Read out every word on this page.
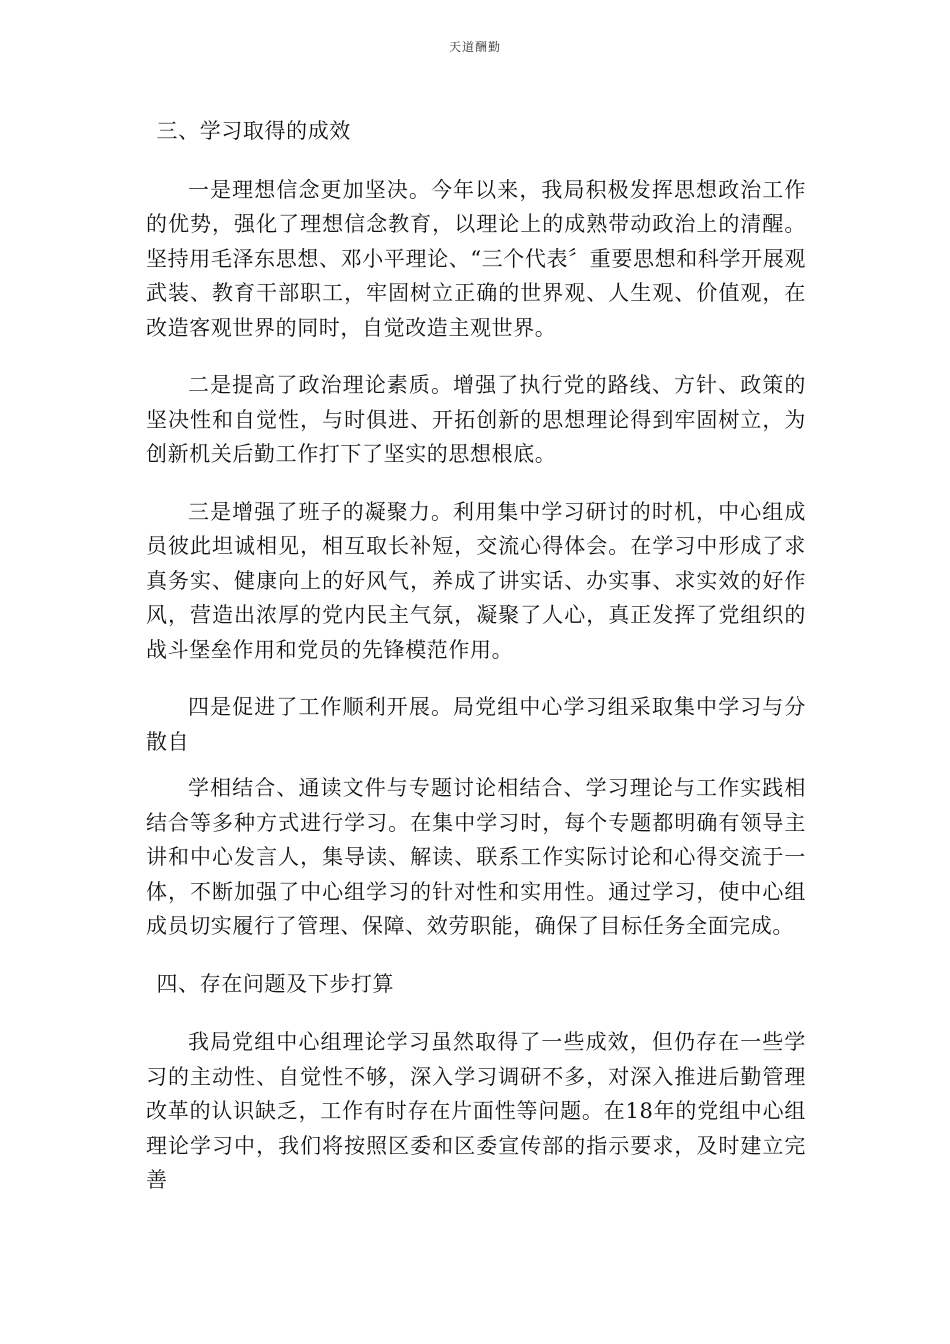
天道酬勤
三、学习取得的成效

一是理想信念更加坚决。今年以来，我局积极发挥思想政治工作的优势，强化了理想信念教育，以理论上的成熟带动政治上的清醒。坚持用毛泽东思想、邓小平理论、“三个代表〞重要思想和科学开展观武装、教育干部职工，牢固树立正确的世界观、人生观、价值观，在改造客观世界的同时，自觉改造主观世界。

二是提高了政治理论素质。增强了执行党的路线、方针、政策的坚决性和自觉性，与时俱进、开拓创新的思想理论得到牢固树立，为创新机关后勤工作打下了坚实的思想根底。

三是增强了班子的凝聚力。利用集中学习研讨的时机，中心组成员彼此坦诚相见，相互取长补短，交流心得体会。在学习中形成了求真务实、健康向上的好风气，养成了讲实话、办实事、求实效的好作风，营造出浓厚的党内民主气氛，凝聚了人心，真正发挥了党组织的战斗堡垒作用和党员的先锋模范作用。

四是促进了工作顺利开展。局党组中心学习组采取集中学习与分散自

学相结合、通读文件与专题讨论相结合、学习理论与工作实践相结合等多种方式进行学习。在集中学习时，每个专题都明确有领导主讲和中心发言人，集导读、解读、联系工作实际讨论和心得交流于一体，不断加强了中心组学习的针对性和实用性。通过学习，使中心组成员切实履行了管理、保障、效劳职能，确保了目标任务全面完成。

四、存在问题及下步打算

我局党组中心组理论学习虽然取得了一些成效，但仍存在一些学习的主动性、自觉性不够，深入学习调研不多，对深入推进后勤管理改革的认识缺乏，工作有时存在片面性等问题。在18年的党组中心组理论学习中，我们将按照区委和区委宣传部的指示要求，及时建立完善
